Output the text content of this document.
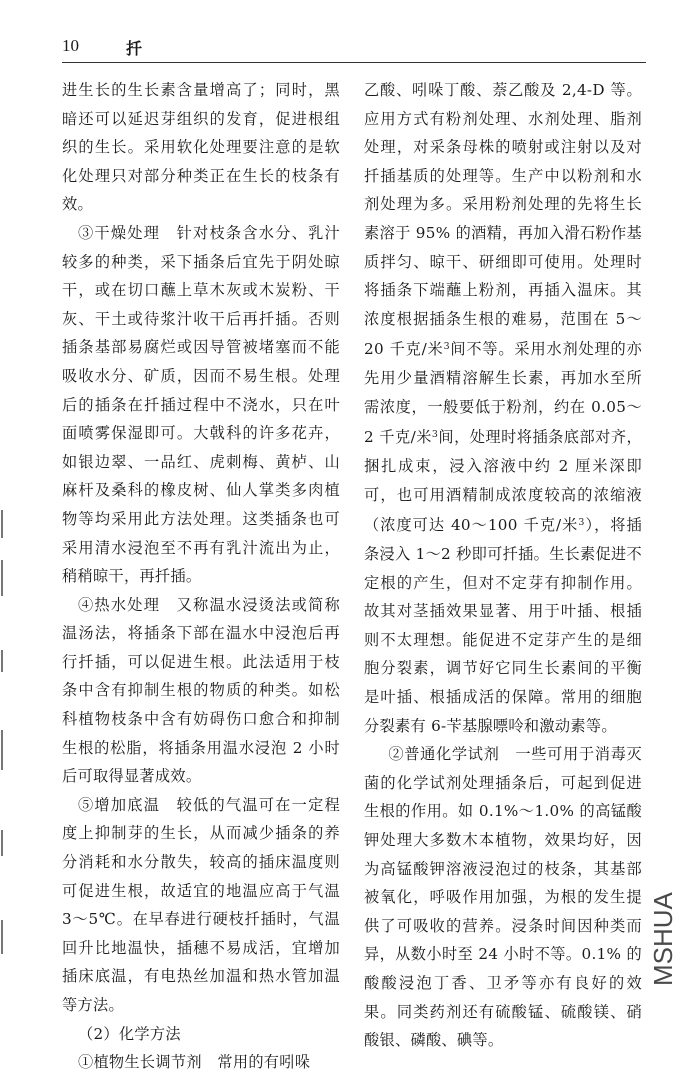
10	扦

进生长的生长素含量增高了；同时，黑暗还可以延迟芽组织的发育，促进根组织的生长。采用软化处理要注意的是软化处理只对部分种类正在生长的枝条有效。

③干燥处理　针对枝条含水分、乳汁较多的种类，采下插条后宜先于阴处晾干，或在切口蘸上草木灰或木炭粉、干灰、干土或待浆汁收干后再扦插。否则插条基部易腐烂或因导管被堵塞而不能吸收水分、矿质，因而不易生根。处理后的插条在扦插过程中不浇水，只在叶面喷雾保湿即可。大戟科的许多花卉，如银边翠、一品红、虎刺梅、黄栌、山麻杆及桑科的橡皮树、仙人掌类多肉植物等均采用此方法处理。这类插条也可采用清水浸泡至不再有乳汁流出为止，稍稍晾干，再扦插。

④热水处理　又称温水浸烫法或简称温汤法，将插条下部在温水中浸泡后再行扦插，可以促进生根。此法适用于枝条中含有抑制生根的物质的种类。如松科植物枝条中含有妨碍伤口愈合和抑制生根的松脂，将插条用温水浸泡 2 小时后可取得显著成效。

⑤增加底温　较低的气温可在一定程度上抑制芽的生长，从而减少插条的养分消耗和水分散失，较高的插床温度则可促进生根，故适宜的地温应高于气温 3～5℃。在早春进行硬枝扦插时，气温回升比地温快，插穗不易成活，宜增加插床底温，有电热丝加温和热水管加温等方法。

（2）化学方法

①植物生长调节剂　常用的有吲哚

乙酸、吲哚丁酸、萘乙酸及 2,4-D 等。应用方式有粉剂处理、水剂处理、脂剂处理，对采条母株的喷射或注射以及对扦插基质的处理等。生产中以粉剂和水剂处理为多。采用粉剂处理的先将生长素溶于 95% 的酒精，再加入滑石粉作基质拌匀、晾干、研细即可使用。处理时将插条下端蘸上粉剂，再插入温床。其浓度根据插条生根的难易，范围在 5～20 千克/米$^3$间不等。采用水剂处理的亦先用少量酒精溶解生长素，再加水至所需浓度，一般要低于粉剂，约在 0.05～2 千克/米$^3$间，处理时将插条底部对齐，捆扎成束，浸入溶液中约 2 厘米深即可，也可用酒精制成浓度较高的浓缩液（浓度可达 40～100 千克/米$^3$），将插条浸入 1～2 秒即可扦插。生长素促进不定根的产生，但对不定芽有抑制作用。故其对茎插效果显著、用于叶插、根插则不太理想。能促进不定芽产生的是细胞分裂素，调节好它同生长素间的平衡是叶插、根插成活的保障。常用的细胞分裂素有 6-苄基腺嘌呤和激动素等。

②普通化学试剂　一些可用于消毒灭菌的化学试剂处理插条后，可起到促进生根的作用。如 0.1%～1.0% 的高锰酸钾处理大多数木本植物，效果均好，因为高锰酸钾溶液浸泡过的枝条，其基部被氧化，呼吸作用加强，为根的发生提供了可吸收的营养。浸条时间因种类而异，从数小时至 24 小时不等。0.1% 的酸酸浸泡丁香、卫矛等亦有良好的效果。同类药剂还有硫酸锰、硫酸镁、硝酸银、磷酸、碘等。

MSHUA
